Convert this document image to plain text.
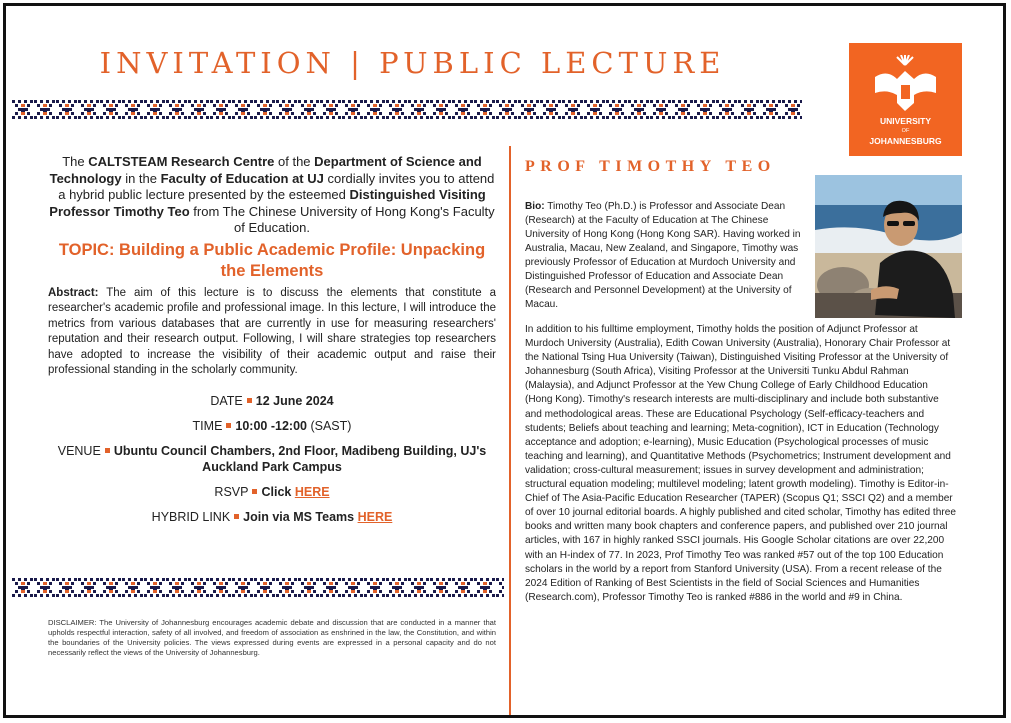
INVITATION | PUBLIC LECTURE
UNIVERSITY

OF
JOHANNESBURG
The CALTSTEAM Research Centre of the Department of Science and Technology in the Faculty of Education at UJ cordially invites you to attend a hybrid public lecture presented by the esteemed Distinguished Visiting Professor Timothy Teo from The Chinese University of Hong Kong's Faculty of Education.
TOPIC: Building a Public Academic Profile: Unpacking the Elements
Abstract: The aim of this lecture is to discuss the elements that constitute a researcher's academic profile and professional image. In this lecture, I will introduce the metrics from various databases that are currently in use for measuring researchers' reputation and their research output. Following, I will share strategies top researchers have adopted to increase the visibility of their academic output and raise their professional standing in the scholarly community.
DATE 12 June 2024
TIME 10:00 -12:00 (SAST)
VENUE Ubuntu Council Chambers, 2nd Floor, Madibeng Building, UJ's Auckland Park Campus
RSVP Click HERE
HYBRID LINK Join via MS Teams HERE
DISCLAIMER: The University of Johannesburg encourages academic debate and discussion that are conducted in a manner that upholds respectful interaction, safety of all involved, and freedom of association as enshrined in the law, the Constitution, and within the boundaries of the University policies. The views expressed during events are expressed in a personal capacity and do not necessarily reflect the views of the University of Johannesburg.
PROF TIMOTHY TEO
Bio: Timothy Teo (Ph.D.) is Professor and Associate Dean (Research) at the Faculty of Education at The Chinese University of Hong Kong (Hong Kong SAR). Having worked in Australia, Macau, New Zealand, and Singapore, Timothy was previously Professor of Education at Murdoch University and Distinguished Professor of Education and Associate Dean (Research and Personnel Development) at the University of Macau.
In addition to his fulltime employment, Timothy holds the position of Adjunct Professor at Murdoch University (Australia), Edith Cowan University (Australia), Honorary Chair Professor at the National Tsing Hua University (Taiwan), Distinguished Visiting Professor at the University of Johannesburg (South Africa), Visiting Professor at the Universiti Tunku Abdul Rahman (Malaysia), and Adjunct Professor at the Yew Chung College of Early Childhood Education (Hong Kong). Timothy's research interests are multi-disciplinary and include both substantive and methodological areas. These are Educational Psychology (Self-efficacy-teachers and students; Beliefs about teaching and learning; Meta-cognition), ICT in Education (Technology acceptance and adoption; e-learning), Music Education (Psychological processes of music teaching and learning), and Quantitative Methods (Psychometrics; Instrument development and validation; cross-cultural measurement; issues in survey development and administration; structural equation modeling; multilevel modeling; latent growth modeling). Timothy is Editor-in-Chief of The Asia-Pacific Education Researcher (TAPER) (Scopus Q1; SSCI Q2) and a member of over 10 journal editorial boards. A highly published and cited scholar, Timothy has edited three books and written many book chapters and conference papers, and published over 210 journal articles, with 167 in highly ranked SSCI journals. His Google Scholar citations are over 22,200 with an H-index of 77. In 2023, Prof Timothy Teo was ranked #57 out of the top 100 Education scholars in the world by a report from Stanford University (USA). From a recent release of the 2024 Edition of Ranking of Best Scientists in the field of Social Sciences and Humanities (Research.com), Professor Timothy Teo is ranked #886 in the world and #9 in China.
